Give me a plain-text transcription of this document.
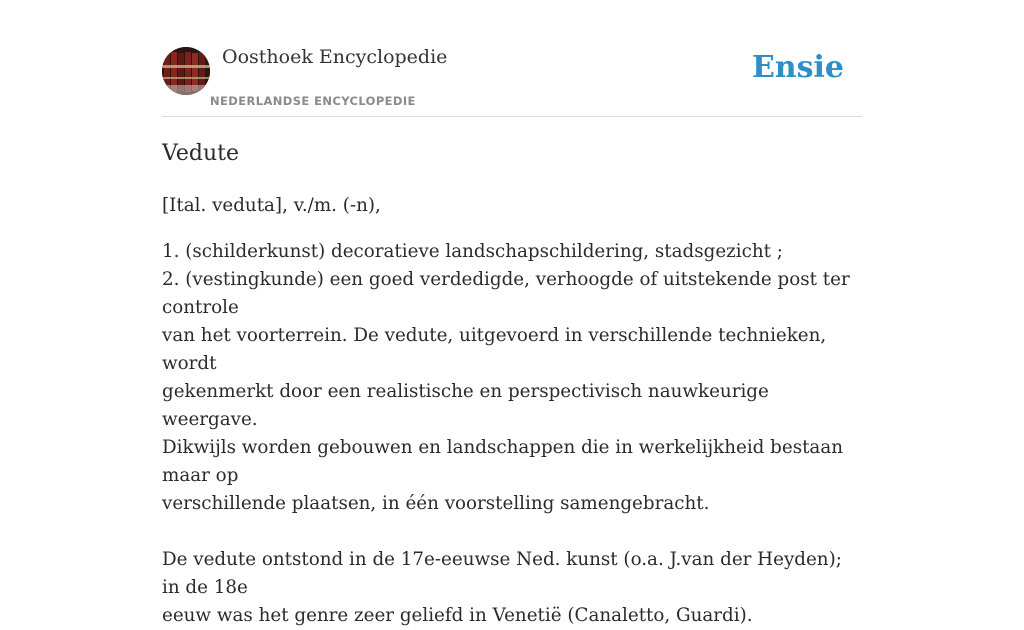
Oosthoek Encyclopedie
NEDERLANDSE ENCYCLOPEDIE
Ensie
Vedute

[Ital. veduta], v./m. (-n),

1. (schilderkunst) decoratieve landschapschildering, stadsgezicht ;

2. (vestingkunde) een goed verdedigde, verhoogde of uitstekende post ter controle

van het voorterrein. De vedute, uitgevoerd in verschillende technieken, wordt

gekenmerkt door een realistische en perspectivisch nauwkeurige weergave.

Dikwijls worden gebouwen en landschappen die in werkelijkheid bestaan maar op

verschillende plaatsen, in één voorstelling samengebracht.

De vedute ontstond in de 17e-eeuwse Ned. kunst (o.a. J.van der Heyden); in de 18e

eeuw was het genre zeer geliefd in Venetië (Canaletto, Guardi).
